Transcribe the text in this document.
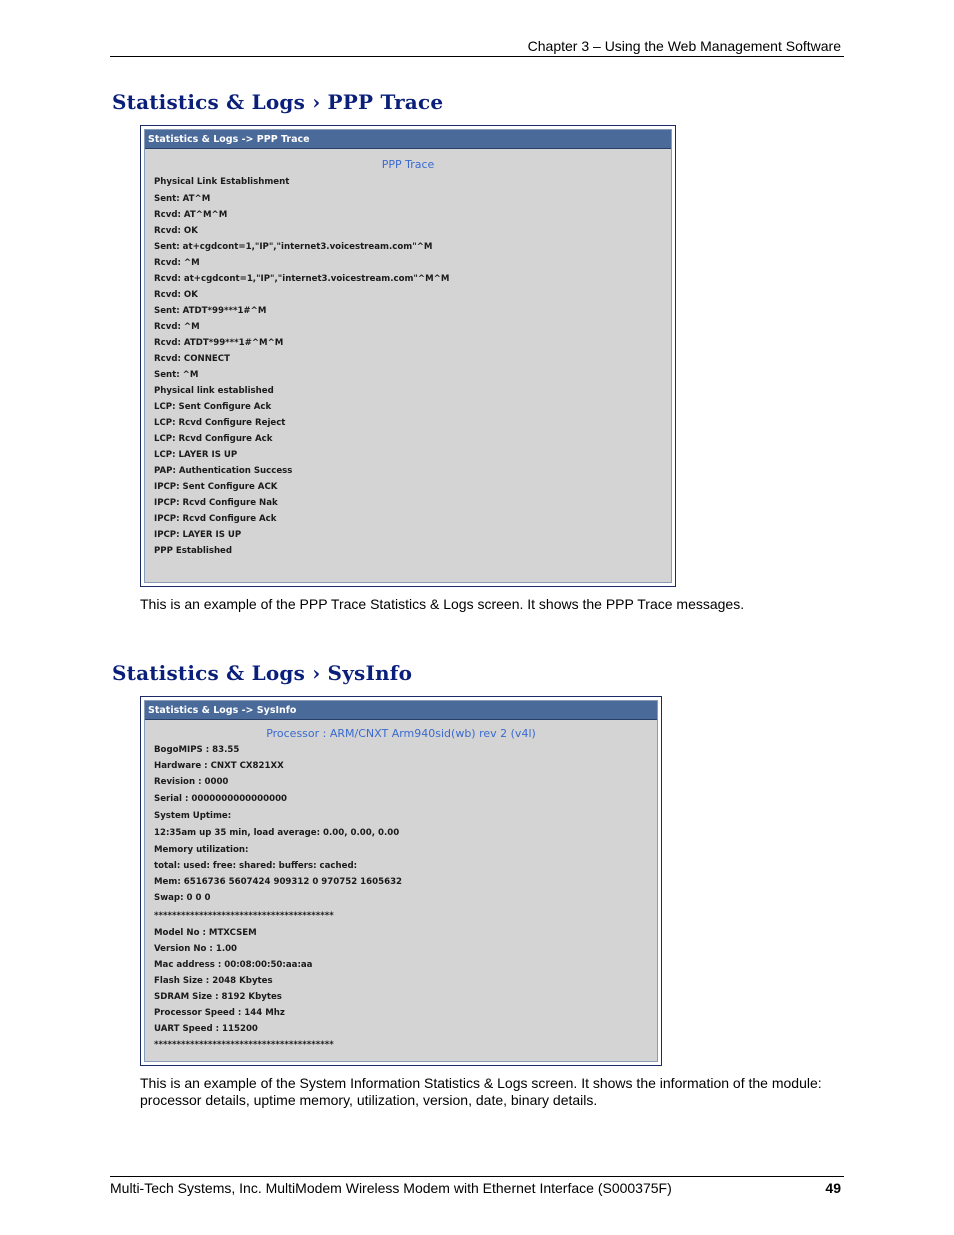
Chapter 3 – Using the Web Management Software
Statistics & Logs › PPP Trace
Statistics & Logs -> PPP Trace
PPP Trace
Physical Link Establishment
Sent: AT^M
Rcvd: AT^M^M
Rcvd: OK
Sent: at+cgdcont=1,"IP","internet3.voicestream.com"^M
Rcvd: ^M
Rcvd: at+cgdcont=1,"IP","internet3.voicestream.com"^M^M
Rcvd: OK
Sent: ATDT*99***1#^M
Rcvd: ^M
Rcvd: ATDT*99***1#^M^M
Rcvd: CONNECT
Sent: ^M
Physical link established
LCP: Sent Configure Ack
LCP: Rcvd Configure Reject
LCP: Rcvd Configure Ack
LCP: LAYER IS UP
PAP: Authentication Success
IPCP: Sent Configure ACK
IPCP: Rcvd Configure Nak
IPCP: Rcvd Configure Ack
IPCP: LAYER IS UP
PPP Established
This is an example of the PPP Trace Statistics & Logs screen. It shows the PPP Trace messages.
Statistics & Logs › SysInfo
Statistics & Logs -> SysInfo
Processor : ARM/CNXT Arm940sid(wb) rev 2 (v4l)
BogoMIPS : 83.55
Hardware : CNXT CX821XX
Revision : 0000
Serial : 0000000000000000
System Uptime:
12:35am up 35 min, load average: 0.00, 0.00, 0.00
Memory utilization:
total: used: free: shared: buffers: cached:
Mem: 6516736 5607424 909312 0 970752 1605632
Swap: 0 0 0
****************************************
Model No : MTXCSEM
Version No : 1.00
Mac address : 00:08:00:50:aa:aa
Flash Size : 2048 Kbytes
SDRAM Size : 8192 Kbytes
Processor Speed : 144 Mhz
UART Speed : 115200
****************************************
This is an example of the System Information Statistics & Logs screen. It shows the information of the module: processor details, uptime memory, utilization, version, date, binary details.
Multi-Tech Systems, Inc. MultiModem Wireless Modem with Ethernet Interface (S000375F)	49
